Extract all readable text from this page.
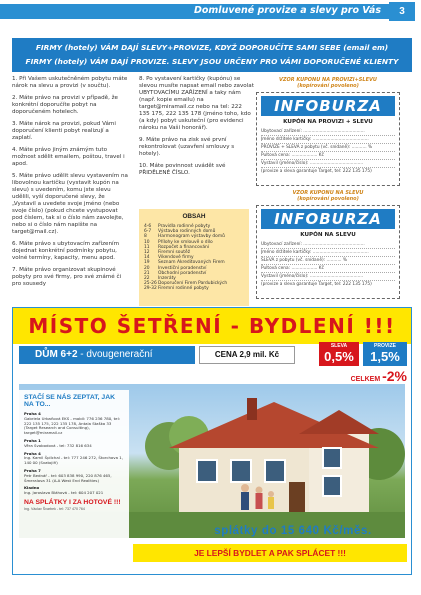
Domluvené provize a slevy pro Vás	3
FIRMY (hotely) VÁM DAJÍ SLEVY+PROVIZE, KDYŽ DOPORUČÍTE SAMI SEBE (email em)
FIRMY (hotely) VÁM DAJÍ PROVIZE. SLEVY JSOU URČENY PRO VÁMI DOPORUČENÉ KLIENTY

1. Při Vašem uskutečněném pobytu máte nárok na slevu a provizi (v součtu).

2. Máte právo na provizi v případě, že konkrétní doporučíte pobyt na doporučeném hotelech.

3. Máte nárok na provizi, pokud Vámi doporučení klienti pobyt realizují a zaplatí.

4. Máte právo jiným známým tuto možnost sdělit emailem, poštou, travel i apod.

5. Máte právo udělit slevu vystavením na libovolnou kartičku (vystavit kupón na slevu) s uvedením, komu jste slevu udělili, vyší doporučené slevy, že „Vystavil a uvedete svoje jméno (nebo svoje číslo) (pokud chcete vystupovat pod číslem, tak si o číslo nám zavolejte, nebo si o číslo nám napište na target@mail.cz).

6. Máte právo s ubytovacím zařízením dojednat konkrétní podmínky pobytu, volné termíny, kapacity, menu apod.

7. Máte právo organizovat skupinové pobyty pro své firmy, pro své známé či pro sousedy

8. Po vystavení kartičky (kupónu) se slevou musíte napsat email nebo zavolat UBYTOVACÍMU ZAŘÍZENÍ a taky nám (např. kopie emailu) na target@miramail.cz nebo na tel: 222 135 175, 222 135 178 (jméno toho, kdo (a kdy) pobyt uskuteční (pro evidenci nároku na Vaši honorář).

9. Máte právo na zisk své první rekontrolovat (uzavření smlouvy s hotely).

10. Máte povinnost uvádět své PŘIDĚLENÉ ČÍSLO.

OBSAH
4-6	Pravidla rodinné pobyty
6-7	Výstavba rodinných domů
8	Harmonogram výstavby domů
10	Přílohy ke smlouvě o dílo
11	Rozpočet a financování
12	Firemní soutěž
14	Víkendové firmy
19	Seznam Akreditovaných Firem
20	Investiční poradenství
21	Obchodní poradenství
22	Inzeráty
25-26 Doporučení Firem Pardubických
29-32 Firemní rodinné pobyty
VZOR KUPONU NA PROVIZI+SLEVU
(kopírování povoleno)
INFOBURZA
KUPÓN NA PROVIZI + SLEVU
Ubytovací zařízení: .............................................
Jméno držitele kartičky: .........................................
PROVIZE + SLEVA z pobytu (vč. snídaně): ........... %
Pultová cena: ................... Kč
Vystavil (jméno/číslo): .......................................
(provize a sleva garantuje Target, tel: 222 135 175)
VZOR KUPONU NA SLEVU
(kopírování povoleno)
INFOBURZA
KUPÓN NA SLEVU
Ubytovací zařízení: .............................................
Jméno držitele kartičky: .........................................
SLEVA z pobytu (vč. snídaně): ........... %
Pultová cena: ................... Kč
Vystavil (jméno/číslo): .......................................
(provize a sleva garantuje Target, tel: 222 135 175)
MÍSTO ŠETŘENÍ - BYDLENÍ !!!
DŮM 6+2 - dvougenerační	CENA 2,9 mil. Kč
SLEVA
0,5%
PROVIZE
1,5%
CELKEM -2%
STAČÍ SE NÁS ZEPTAT, JAK NA TO...
Praha 4
Gabriela Urbaňová EKS - mobil: 776 236 780, tel: 222 135 175, 222 135 178, Antala Staška 33 (Target Research and Consulting), target@miramail.cz
Praha 1
Věra Svobodová - tel: 732 816 634
Praha 4
Ing. Kamil Šplíchal - tel: 777 246 272, Štorchova 1, 140 00 (Svatojiří)
Praha 7
Petr Bednář - tel: 603 838 990, 220 876 465, Šmeralova 31 (A-A West End Realities)
Kladno
Ing. Jaroslava Bláhová - tel: 604 207 021
NA SPLÁTKY I ZA HOTOVÉ !!!
Ing. Václav Švarbek - tel: 737 470 764
splátky do 15 640 Kč/měs.
JE LEPŠÍ BYDLET A PAK SPLÁCET !!!
